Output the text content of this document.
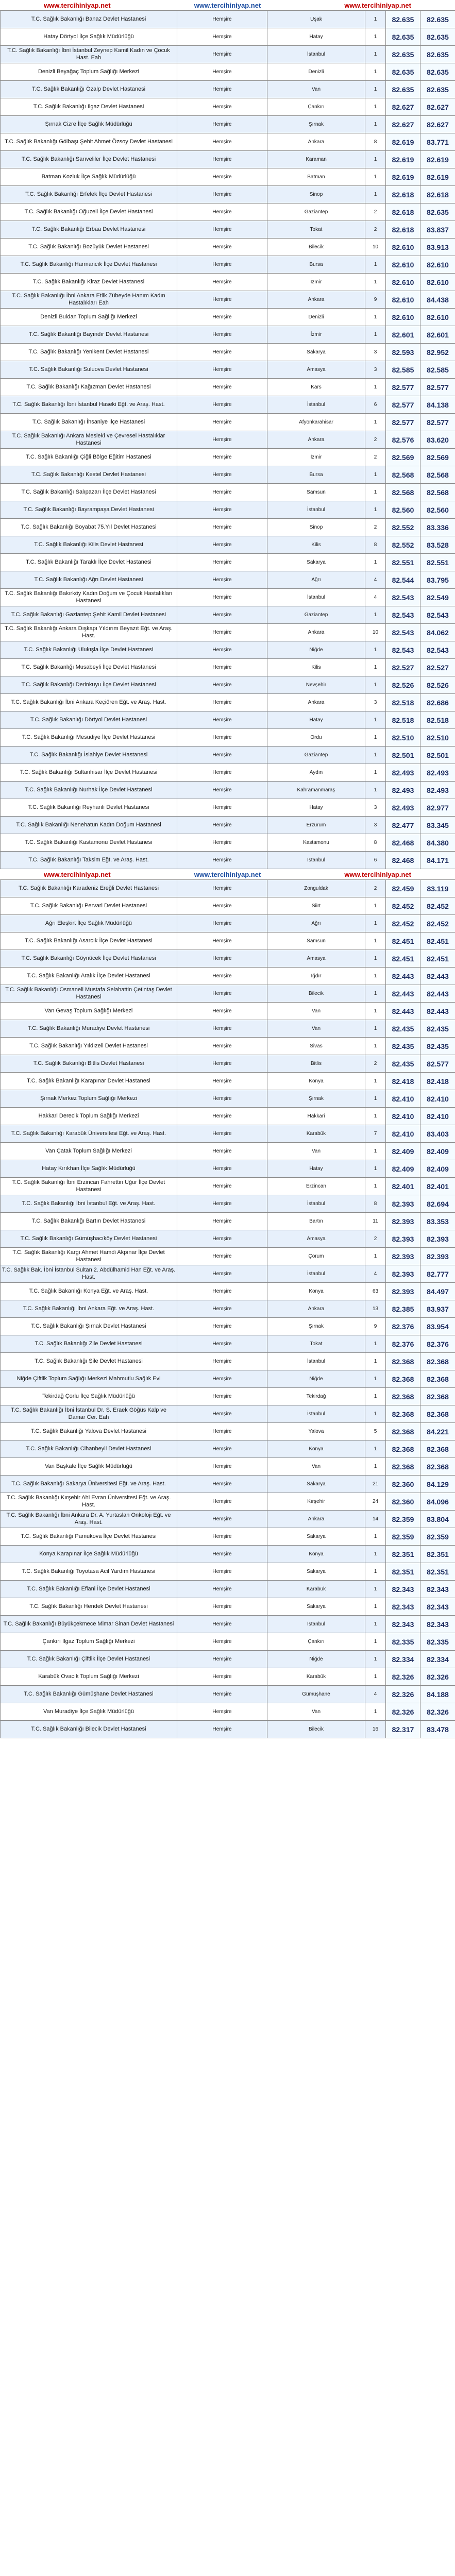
www.tercihiniyap.net	www.tercihiniyap.net	www.tercihiniyap.net
T.C. Sağlık Bakanlığı Banaz Devlet Hastanesi	Hemşire	Uşak	1	82.635	82.635
Hatay Dörtyol İlçe Sağlık Müdürlüğü	Hemşire	Hatay	1	82.635	82.635
T.C. Sağlık Bakanlığı İbni İstanbul Zeynep Kamil Kadın ve Çocuk Hast. Eah	Hemşire	İstanbul	1	82.635	82.635
Denizli Beyağaç Toplum Sağlığı Merkezi	Hemşire	Denizli	1	82.635	82.635
T.C. Sağlık Bakanlığı Özalp Devlet Hastanesi	Hemşire	Van	1	82.635	82.635
T.C. Sağlık Bakanlığı Ilgaz Devlet Hastanesi	Hemşire	Çankırı	1	82.627	82.627
Şırnak Cizre İlçe Sağlık Müdürlüğü	Hemşire	Şırnak	1	82.627	82.627
T.C. Sağlık Bakanlığı Gölbaşı Şehit Ahmet Özsoy Devlet Hastanesi	Hemşire	Ankara	8	82.619	83.771
T.C. Sağlık Bakanlığı Sarıveliler İlçe Devlet Hastanesi	Hemşire	Karaman	1	82.619	82.619
Batman Kozluk İlçe Sağlık Müdürlüğü	Hemşire	Batman	1	82.619	82.619
T.C. Sağlık Bakanlığı Erfelek İlçe Devlet Hastanesi	Hemşire	Sinop	1	82.618	82.618
T.C. Sağlık Bakanlığı Oğuzeli İlçe Devlet Hastanesi	Hemşire	Gaziantep	2	82.618	82.635
T.C. Sağlık Bakanlığı Erbaa Devlet Hastanesi	Hemşire	Tokat	2	82.618	83.837
T.C. Sağlık Bakanlığı Bozüyük Devlet Hastanesi	Hemşire	Bilecik	10	82.610	83.913
T.C. Sağlık Bakanlığı Harmancık İlçe Devlet Hastanesi	Hemşire	Bursa	1	82.610	82.610
T.C. Sağlık Bakanlığı Kiraz Devlet Hastanesi	Hemşire	İzmir	1	82.610	82.610
T.C. Sağlık Bakanlığı İbni Ankara Etlik Zübeyde Hanım Kadın Hastalıkları Eah	Hemşire	Ankara	9	82.610	84.438
Denizli Buldan Toplum Sağlığı Merkezi	Hemşire	Denizli	1	82.610	82.610
T.C. Sağlık Bakanlığı Bayındır Devlet Hastanesi	Hemşire	İzmir	1	82.601	82.601
T.C. Sağlık Bakanlığı Yenikent Devlet Hastanesi	Hemşire	Sakarya	3	82.593	82.952
T.C. Sağlık Bakanlığı Suluova Devlet Hastanesi	Hemşire	Amasya	3	82.585	82.585
T.C. Sağlık Bakanlığı Kağızman Devlet Hastanesi	Hemşire	Kars	1	82.577	82.577
T.C. Sağlık Bakanlığı İbni İstanbul Haseki Eğt. ve Araş. Hast.	Hemşire	İstanbul	6	82.577	84.138
T.C. Sağlık Bakanlığı İhsaniye İlçe Hastanesi	Hemşire	Afyonkarahisar	1	82.577	82.577
T.C. Sağlık Bakanlığı Ankara Meslekî ve Çevresel Hastalıklar Hastanesi	Hemşire	Ankara	2	82.576	83.620
T.C. Sağlık Bakanlığı Çiğli Bölge Eğitim Hastanesi	Hemşire	İzmir	2	82.569	82.569
T.C. Sağlık Bakanlığı Kestel Devlet Hastanesi	Hemşire	Bursa	1	82.568	82.568
T.C. Sağlık Bakanlığı Salıpazarı İlçe Devlet Hastanesi	Hemşire	Samsun	1	82.568	82.568
T.C. Sağlık Bakanlığı Bayrampaşa Devlet Hastanesi	Hemşire	İstanbul	1	82.560	82.560
T.C. Sağlık Bakanlığı Boyabat 75.Yıl Devlet Hastanesi	Hemşire	Sinop	2	82.552	83.336
T.C. Sağlık Bakanlığı Kilis Devlet Hastanesi	Hemşire	Kilis	8	82.552	83.528
T.C. Sağlık Bakanlığı Taraklı İlçe Devlet Hastanesi	Hemşire	Sakarya	1	82.551	82.551
T.C. Sağlık Bakanlığı Ağrı Devlet Hastanesi	Hemşire	Ağrı	4	82.544	83.795
T.C. Sağlık Bakanlığı Bakırköy Kadın Doğum ve Çocuk Hastalıkları Hastanesi	Hemşire	İstanbul	4	82.543	82.549
T.C. Sağlık Bakanlığı Gaziantep Şehit Kamil Devlet Hastanesi	Hemşire	Gaziantep	1	82.543	82.543
T.C. Sağlık Bakanlığı Ankara Dışkapı Yıldırım Beyazıt Eğt. ve Araş. Hast.	Hemşire	Ankara	10	82.543	84.062
T.C. Sağlık Bakanlığı Ulukışla İlçe Devlet Hastanesi	Hemşire	Niğde	1	82.543	82.543
T.C. Sağlık Bakanlığı Musabeyli İlçe Devlet Hastanesi	Hemşire	Kilis	1	82.527	82.527
T.C. Sağlık Bakanlığı Derinkuyu İlçe Devlet Hastanesi	Hemşire	Nevşehir	1	82.526	82.526
T.C. Sağlık Bakanlığı İbni Ankara Keçiören Eğt. ve Araş. Hast.	Hemşire	Ankara	3	82.518	82.686
T.C. Sağlık Bakanlığı Dörtyol Devlet Hastanesi	Hemşire	Hatay	1	82.518	82.518
T.C. Sağlık Bakanlığı Mesudiye İlçe Devlet Hastanesi	Hemşire	Ordu	1	82.510	82.510
T.C. Sağlık Bakanlığı İslahiye Devlet Hastanesi	Hemşire	Gaziantep	1	82.501	82.501
T.C. Sağlık Bakanlığı Sultanhisar İlçe Devlet Hastanesi	Hemşire	Aydın	1	82.493	82.493
T.C. Sağlık Bakanlığı Nurhak İlçe Devlet Hastanesi	Hemşire	Kahramanmaraş	1	82.493	82.493
T.C. Sağlık Bakanlığı Reyhanlı Devlet Hastanesi	Hemşire	Hatay	3	82.493	82.977
T.C. Sağlık Bakanlığı Nenehatun Kadın Doğum Hastanesi	Hemşire	Erzurum	3	82.477	83.345
T.C. Sağlık Bakanlığı Kastamonu Devlet Hastanesi	Hemşire	Kastamonu	8	82.468	84.380
T.C. Sağlık Bakanlığı Taksim Eğt. ve Araş. Hast.	Hemşire	İstanbul	6	82.468	84.171
www.tercihiniyap.net	www.tercihiniyap.net	www.tercihiniyap.net
T.C. Sağlık Bakanlığı Karadeniz Ereğli Devlet Hastanesi	Hemşire	Zonguldak	2	82.459	83.119
T.C. Sağlık Bakanlığı Pervari Devlet Hastanesi	Hemşire	Siirt	1	82.452	82.452
Ağrı Eleşkirt İlçe Sağlık Müdürlüğü	Hemşire	Ağrı	1	82.452	82.452
T.C. Sağlık Bakanlığı Asarcık İlçe Devlet Hastanesi	Hemşire	Samsun	1	82.451	82.451
T.C. Sağlık Bakanlığı Göynücek İlçe Devlet Hastanesi	Hemşire	Amasya	1	82.451	82.451
T.C. Sağlık Bakanlığı Aralık İlçe Devlet Hastanesi	Hemşire	Iğdır	1	82.443	82.443
T.C. Sağlık Bakanlığı Osmaneli Mustafa Selahattin Çetintaş Devlet Hastanesi	Hemşire	Bilecik	1	82.443	82.443
Van Gevaş Toplum Sağlığı Merkezi	Hemşire	Van	1	82.443	82.443
T.C. Sağlık Bakanlığı Muradiye Devlet Hastanesi	Hemşire	Van	1	82.435	82.435
T.C. Sağlık Bakanlığı Yıldızeli Devlet Hastanesi	Hemşire	Sivas	1	82.435	82.435
T.C. Sağlık Bakanlığı Bitlis Devlet Hastanesi	Hemşire	Bitlis	2	82.435	82.577
T.C. Sağlık Bakanlığı Karapınar Devlet Hastanesi	Hemşire	Konya	1	82.418	82.418
Şırnak Merkez Toplum Sağlığı Merkezi	Hemşire	Şırnak	1	82.410	82.410
Hakkari Derecik Toplum Sağlığı Merkezi	Hemşire	Hakkari	1	82.410	82.410
T.C. Sağlık Bakanlığı Karabük Üniversitesi Eğt. ve Araş. Hast.	Hemşire	Karabük	7	82.410	83.403
Van Çatak Toplum Sağlığı Merkezi	Hemşire	Van	1	82.409	82.409
Hatay Kırıkhan İlçe Sağlık Müdürlüğü	Hemşire	Hatay	1	82.409	82.409
T.C. Sağlık Bakanlığı İbni Erzincan Fahrettin Uğur İlçe Devlet Hastanesi	Hemşire	Erzincan	1	82.401	82.401
T.C. Sağlık Bakanlığı İbni İstanbul Eğt. ve Araş. Hast.	Hemşire	İstanbul	8	82.393	82.694
T.C. Sağlık Bakanlığı Bartın Devlet Hastanesi	Hemşire	Bartın	11	82.393	83.353
T.C. Sağlık Bakanlığı Gümüşhacıköy Devlet Hastanesi	Hemşire	Amasya	2	82.393	82.393
T.C. Sağlık Bakanlığı Kargı Ahmet Hamdi Akpınar İlçe Devlet Hastanesi	Hemşire	Çorum	1	82.393	82.393
T.C. Sağlık Bak. İbni İstanbul Sultan 2. Abdülhamid Han Eğt. ve Araş. Hast.	Hemşire	İstanbul	4	82.393	82.777
T.C. Sağlık Bakanlığı Konya Eğt. ve Araş. Hast.	Hemşire	Konya	63	82.393	84.497
T.C. Sağlık Bakanlığı İbni Ankara Eğt. ve Araş. Hast.	Hemşire	Ankara	13	82.385	83.937
T.C. Sağlık Bakanlığı Şırnak Devlet Hastanesi	Hemşire	Şırnak	9	82.376	83.954
T.C. Sağlık Bakanlığı Zile Devlet Hastanesi	Hemşire	Tokat	1	82.376	82.376
T.C. Sağlık Bakanlığı Şile Devlet Hastanesi	Hemşire	İstanbul	1	82.368	82.368
Niğde Çiftlik Toplum Sağlığı Merkezi Mahmutlu Sağlık Evi	Hemşire	Niğde	1	82.368	82.368
Tekirdağ Çorlu İlçe Sağlık Müdürlüğü	Hemşire	Tekirdağ	1	82.368	82.368
T.C. Sağlık Bakanlığı İbni İstanbul Dr. S. Eraek Göğüs Kalp ve Damar Cer. Eah	Hemşire	İstanbul	1	82.368	82.368
T.C. Sağlık Bakanlığı Yalova Devlet Hastanesi	Hemşire	Yalova	5	82.368	84.221
T.C. Sağlık Bakanlığı Cihanbeyli Devlet Hastanesi	Hemşire	Konya	1	82.368	82.368
Van Başkale İlçe Sağlık Müdürlüğü	Hemşire	Van	1	82.368	82.368
T.C. Sağlık Bakanlığı Sakarya Üniversitesi Eğt. ve Araş. Hast.	Hemşire	Sakarya	21	82.360	84.129
T.C. Sağlık Bakanlığı Kırşehir Ahi Evran Üniversitesi Eğt. ve Araş. Hast.	Hemşire	Kırşehir	24	82.360	84.096
T.C. Sağlık Bakanlığı İbni Ankara Dr. A. Yurtaslan Onkoloji Eğt. ve Araş. Hast.	Hemşire	Ankara	14	82.359	83.804
T.C. Sağlık Bakanlığı Pamukova İlçe Devlet Hastanesi	Hemşire	Sakarya	1	82.359	82.359
Konya Karapınar İlçe Sağlık Müdürlüğü	Hemşire	Konya	1	82.351	82.351
T.C. Sağlık Bakanlığı Toyotasa Acil Yardım Hastanesi	Hemşire	Sakarya	1	82.351	82.351
T.C. Sağlık Bakanlığı Eflani İlçe Devlet Hastanesi	Hemşire	Karabük	1	82.343	82.343
T.C. Sağlık Bakanlığı Hendek Devlet Hastanesi	Hemşire	Sakarya	1	82.343	82.343
T.C. Sağlık Bakanlığı Büyükçekmece Mimar Sinan Devlet Hastanesi	Hemşire	İstanbul	1	82.343	82.343
Çankırı Ilgaz Toplum Sağlığı Merkezi	Hemşire	Çankırı	1	82.335	82.335
T.C. Sağlık Bakanlığı Çiftlik İlçe Devlet Hastanesi	Hemşire	Niğde	1	82.334	82.334
Karabük Ovacık Toplum Sağlığı Merkezi	Hemşire	Karabük	1	82.326	82.326
T.C. Sağlık Bakanlığı Gümüşhane Devlet Hastanesi	Hemşire	Gümüşhane	4	82.326	84.188
Van Muradiye İlçe Sağlık Müdürlüğü	Hemşire	Van	1	82.326	82.326
T.C. Sağlık Bakanlığı Bilecik Devlet Hastanesi	Hemşire	Bilecik	16	82.317	83.478
